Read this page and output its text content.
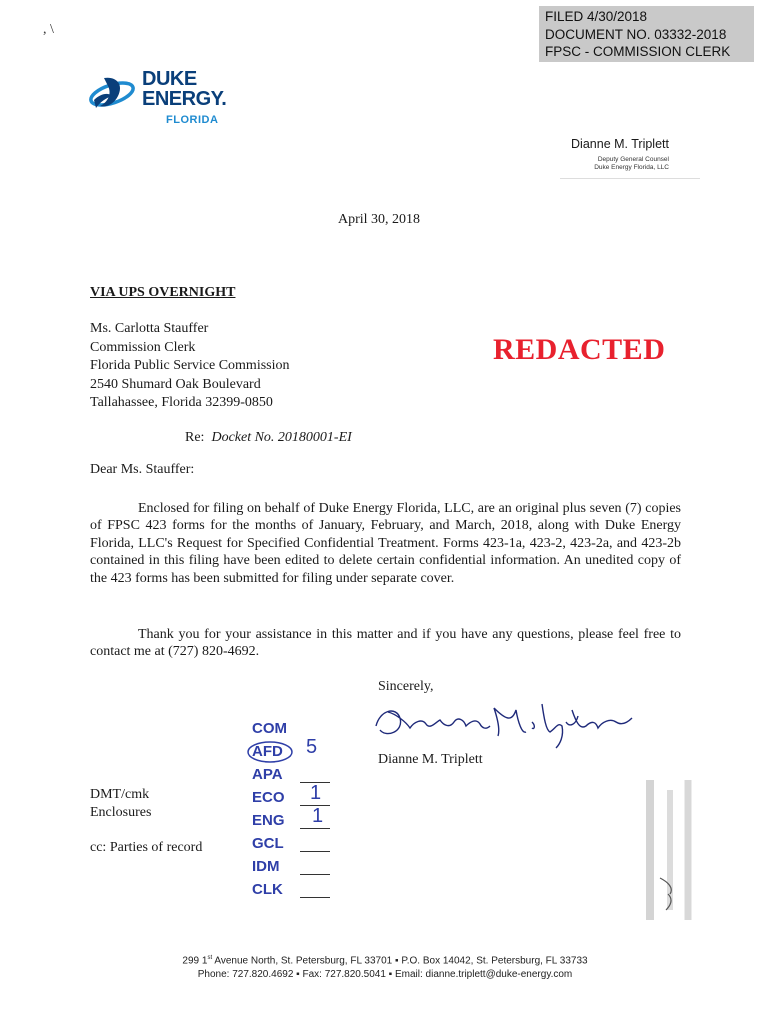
FILED 4/30/2018
DOCUMENT NO. 03332-2018
FPSC - COMMISSION CLERK
, \
DUKE
ENERGY.
FLORIDA
Dianne M. Triplett
Deputy General Counsel
Duke Energy Florida, LLC
April 30, 2018
VIA UPS OVERNIGHT
Ms. Carlotta Stauffer
Commission Clerk
Florida Public Service Commission
2540 Shumard Oak Boulevard
Tallahassee, Florida 32399-0850
REDACTED
Re: Docket No. 20180001-EI
Dear Ms. Stauffer:
Enclosed for filing on behalf of Duke Energy Florida, LLC, are an original plus seven (7) copies of FPSC 423 forms for the months of January, February, and March, 2018, along with Duke Energy Florida, LLC's Request for Specified Confidential Treatment. Forms 423-1a, 423-2, 423-2a, and 423-2b contained in this filing have been edited to delete certain confidential information. An unedited copy of the 423 forms has been submitted for filing under separate cover.
Thank you for your assistance in this matter and if you have any questions, please feel free to contact me at (727) 820-4692.
Sincerely,
Dianne M. Triplett
DMT/cmk
Enclosures
cc: Parties of record
COM
AFD 5
APA
ECO 1
ENG 1
GCL
IDM
CLK
299 1st Avenue North, St. Petersburg, FL 33701 ▪ P.O. Box 14042, St. Petersburg, FL 33733
Phone: 727.820.4692 ▪ Fax: 727.820.5041 ▪ Email: dianne.triplett@duke-energy.com
